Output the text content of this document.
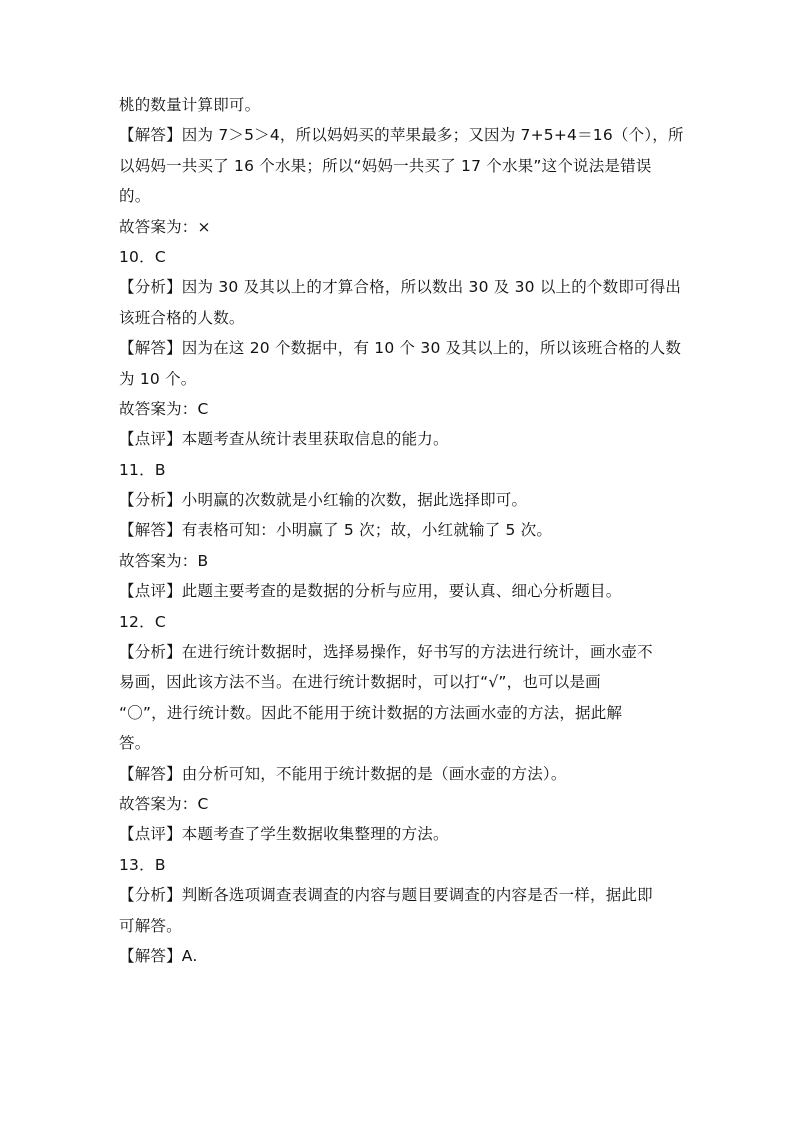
桃的数量计算即可。
【解答】因为 7＞5＞4，所以妈妈买的苹果最多；又因为 7+5+4＝16（个），所
以妈妈一共买了 16 个水果；所以“妈妈一共买了 17 个水果”这个说法是错误
的。
故答案为：×
10．C
【分析】因为 30 及其以上的才算合格，所以数出 30 及 30 以上的个数即可得出
该班合格的人数。
【解答】因为在这 20 个数据中，有 10 个 30 及其以上的，所以该班合格的人数
为 10 个。
故答案为：C
【点评】本题考查从统计表里获取信息的能力。
11．B
【分析】小明赢的次数就是小红输的次数，据此选择即可。
【解答】有表格可知：小明赢了 5 次；故，小红就输了 5 次。
故答案为：B
【点评】此题主要考查的是数据的分析与应用，要认真、细心分析题目。
12．C
【分析】在进行统计数据时，选择易操作，好书写的方法进行统计，画水壶不
易画，因此该方法不当。在进行统计数据时，可以打“√”，也可以是画
“〇”，进行统计数。因此不能用于统计数据的方法画水壶的方法，据此解
答。
【解答】由分析可知，不能用于统计数据的是（画水壶的方法）。
故答案为：C
【点评】本题考查了学生数据收集整理的方法。
13．B
【分析】判断各选项调查表调查的内容与题目要调查的内容是否一样，据此即
可解答。
【解答】A.
